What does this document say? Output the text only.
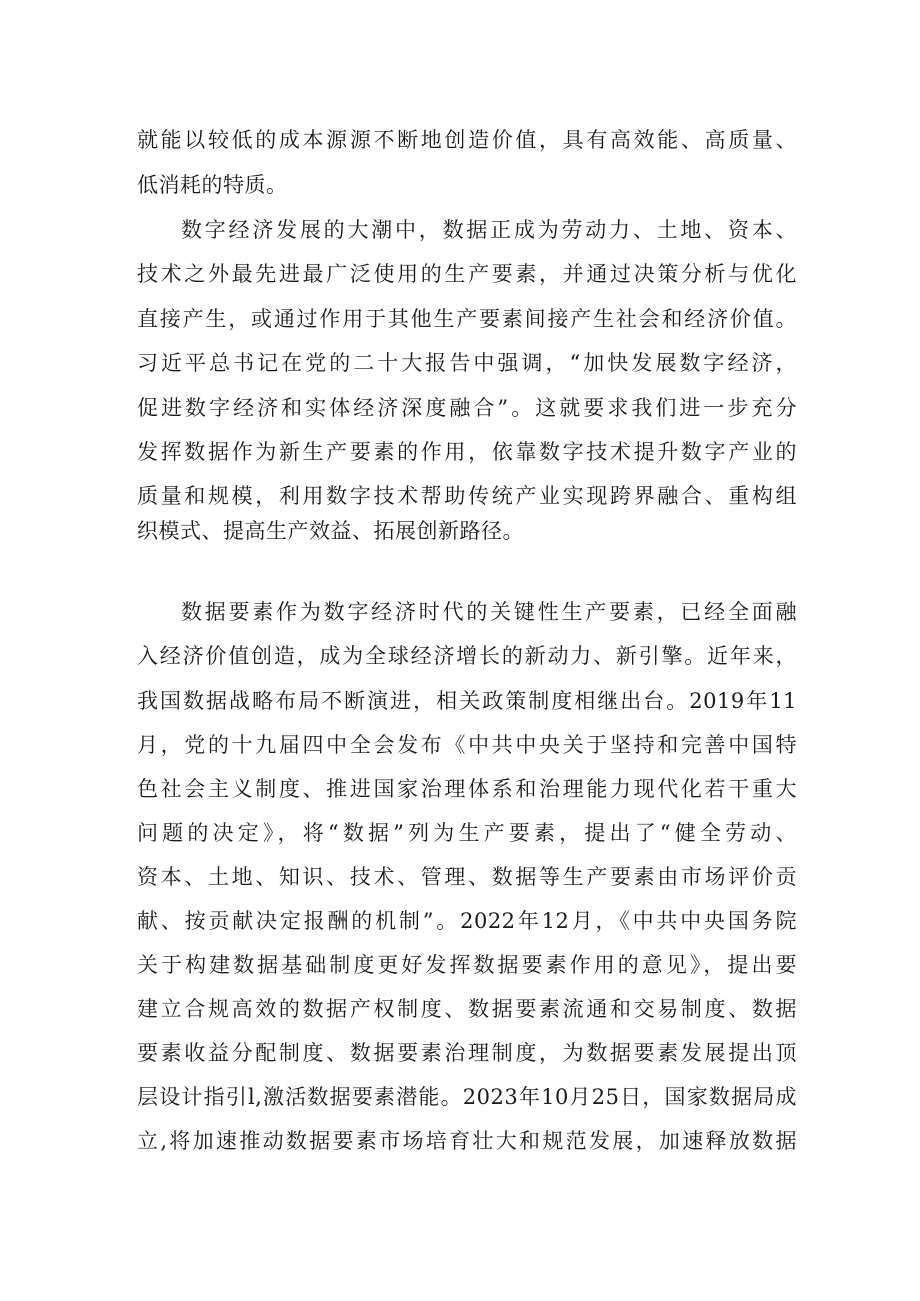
就能以较低的成本源源不断地创造价值，具有高效能、高质量、

低消耗的特质。

数字经济发展的大潮中，数据正成为劳动力、土地、资本、

技术之外最先进最广泛使用的生产要素，并通过决策分析与优化

直接产生，或通过作用于其他生产要素间接产生社会和经济价值。

习近平总书记在党的二十大报告中强调，“加快发展数字经济，

促进数字经济和实体经济深度融合”。这就要求我们进一步充分

发挥数据作为新生产要素的作用，依靠数字技术提升数字产业的

质量和规模，利用数字技术帮助传统产业实现跨界融合、重构组

织模式、提高生产效益、拓展创新路径。

数据要素作为数字经济时代的关键性生产要素，已经全面融

入经济价值创造，成为全球经济增长的新动力、新引擎。近年来，

我国数据战略布局不断演进，相关政策制度相继出台。2019年11

月，党的十九届四中全会发布《中共中央关于坚持和完善中国特

色社会主义制度、推进国家治理体系和治理能力现代化若干重大

问题的决定》，将“数据”列为生产要素，提出了“健全劳动、

资本、土地、知识、技术、管理、数据等生产要素由市场评价贡

献、按贡献决定报酬的机制”。2022年12月，《中共中央国务院

关于构建数据基础制度更好发挥数据要素作用的意见》，提出要

建立合规高效的数据产权制度、数据要素流通和交易制度、数据

要素收益分配制度、数据要素治理制度，为数据要素发展提出顶

层设计指引l,激活数据要素潜能。2023年10月25日，国家数据局成

立,将加速推动数据要素市场培育壮大和规范发展，加速释放数据
